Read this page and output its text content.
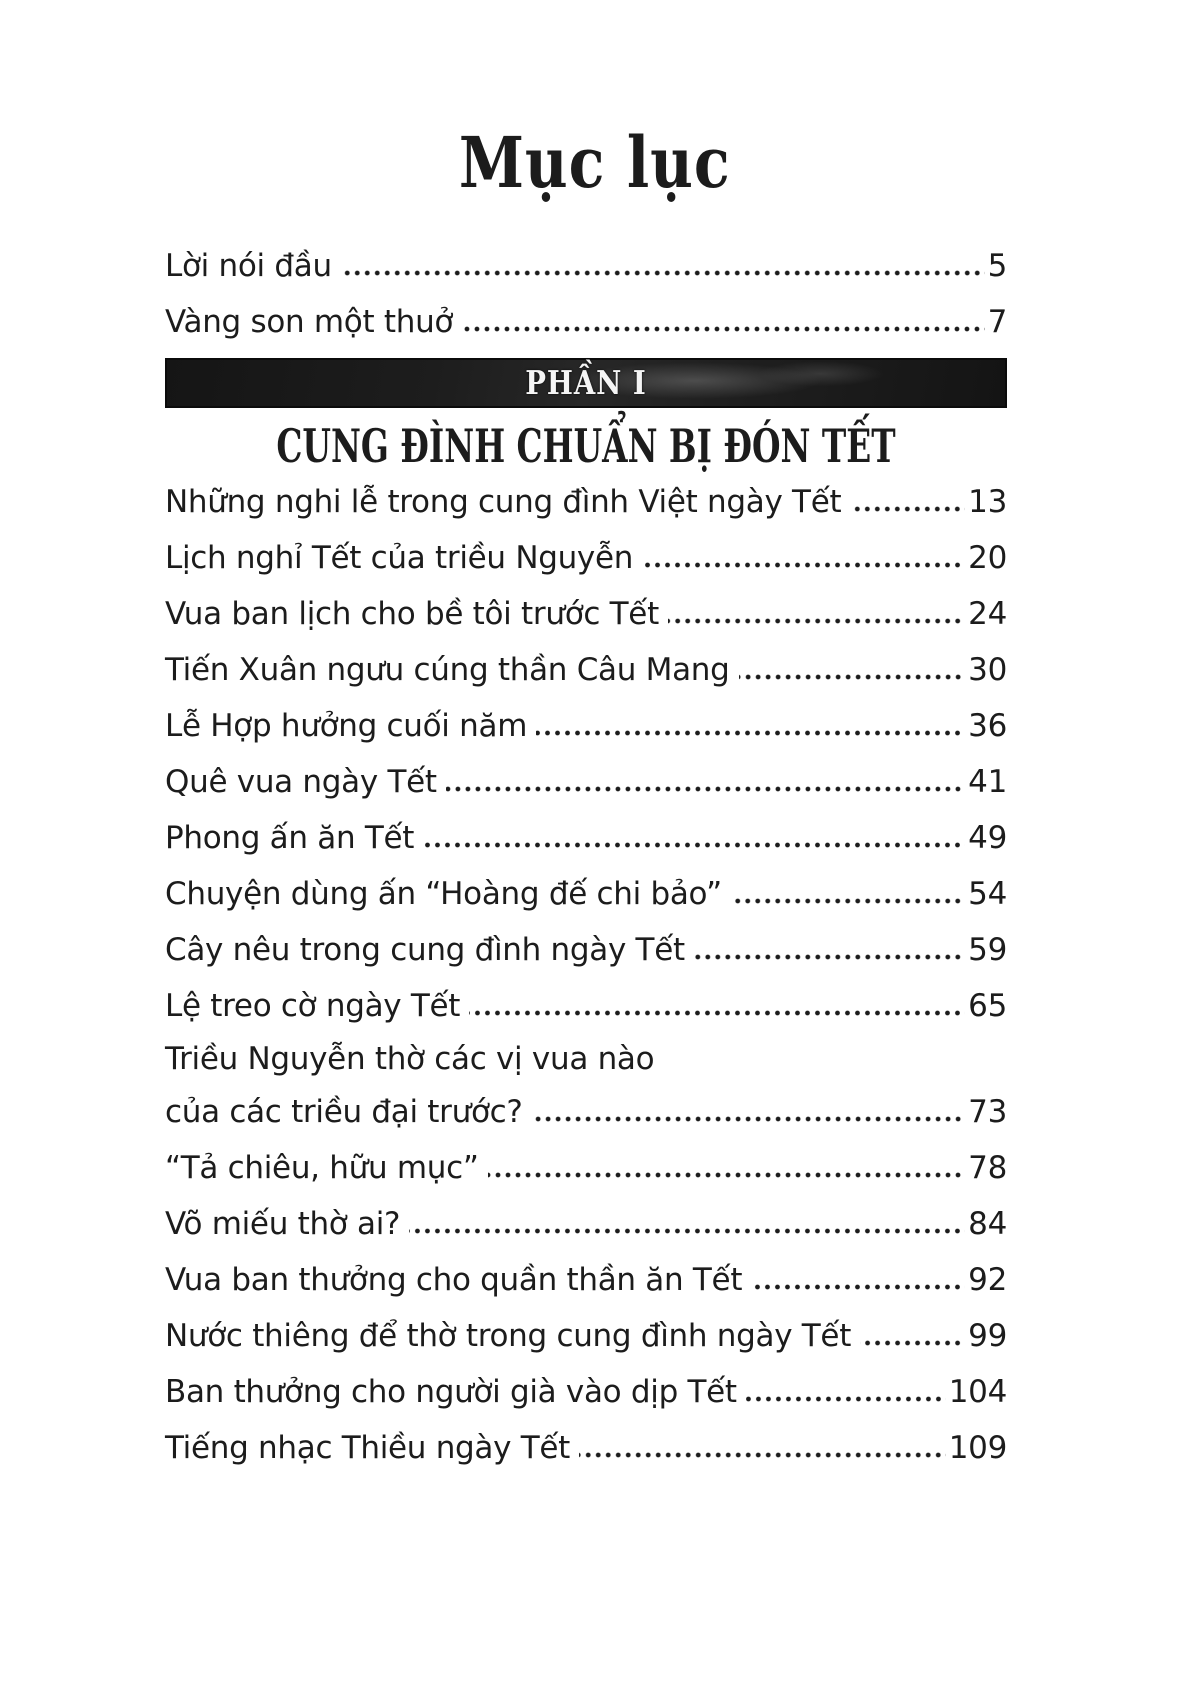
Mục lục
Lời nói đầu	5
Vàng son một thuở	7
PHẦN I
CUNG ĐÌNH CHUẨN BỊ ĐÓN TẾT
Những nghi lễ trong cung đình Việt ngày Tết	13
Lịch nghỉ Tết của triều Nguyễn	20
Vua ban lịch cho bề tôi trước Tết	24
Tiến Xuân ngưu cúng thần Câu Mang	30
Lễ Hợp hưởng cuối năm	36
Quê vua ngày Tết	41
Phong ấn ăn Tết	49
Chuyện dùng ấn “Hoàng đế chi bảo”	54
Cây nêu trong cung đình ngày Tết	59
Lệ treo cờ ngày Tết	65
Triều Nguyễn thờ các vị vua nào
của các triều đại trước?	73
“Tả chiêu, hữu mục”	78
Võ miếu thờ ai?	84
Vua ban thưởng cho quần thần ăn Tết	92
Nước thiêng để thờ trong cung đình ngày Tết	99
Ban thưởng cho người già vào dịp Tết	104
Tiếng nhạc Thiều ngày Tết	109
